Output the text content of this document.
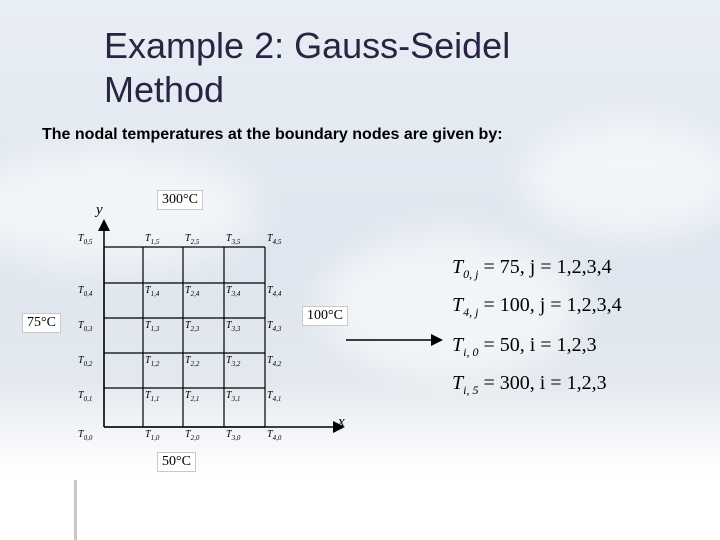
Example 2: Gauss-Seidel
Method
The nodal temperatures at the boundary nodes are given by:
300°C
75°C	100°C
50°C
y
x
$T_{0,0}$	$T_{1,0}$	$T_{2,0}$	$T_{3,0}$	$T_{4,0}$
$T_{0,1}$	$T_{1,1}$	$T_{2,1}$	$T_{3,1}$	$T_{4,1}$
$T_{0,2}$	$T_{1,2}$	$T_{2,2}$	$T_{3,2}$	$T_{4,2}$
$T_{0,3}$	$T_{1,3}$	$T_{2,3}$	$T_{3,3}$	$T_{4,3}$
$T_{0,4}$	$T_{1,4}$	$T_{2,4}$	$T_{3,4}$	$T_{4,4}$
$T_{0,5}$	$T_{1,5}$	$T_{2,5}$	$T_{3,5}$	$T_{4,5}$
$T_{0, j} = 75$, j = 1,2,3,4
$T_{4, j} = 100$, j = 1,2,3,4
$T_{i, 0} = 50$, i = 1,2,3
$T_{i, 5} = 300$, i = 1,2,3
